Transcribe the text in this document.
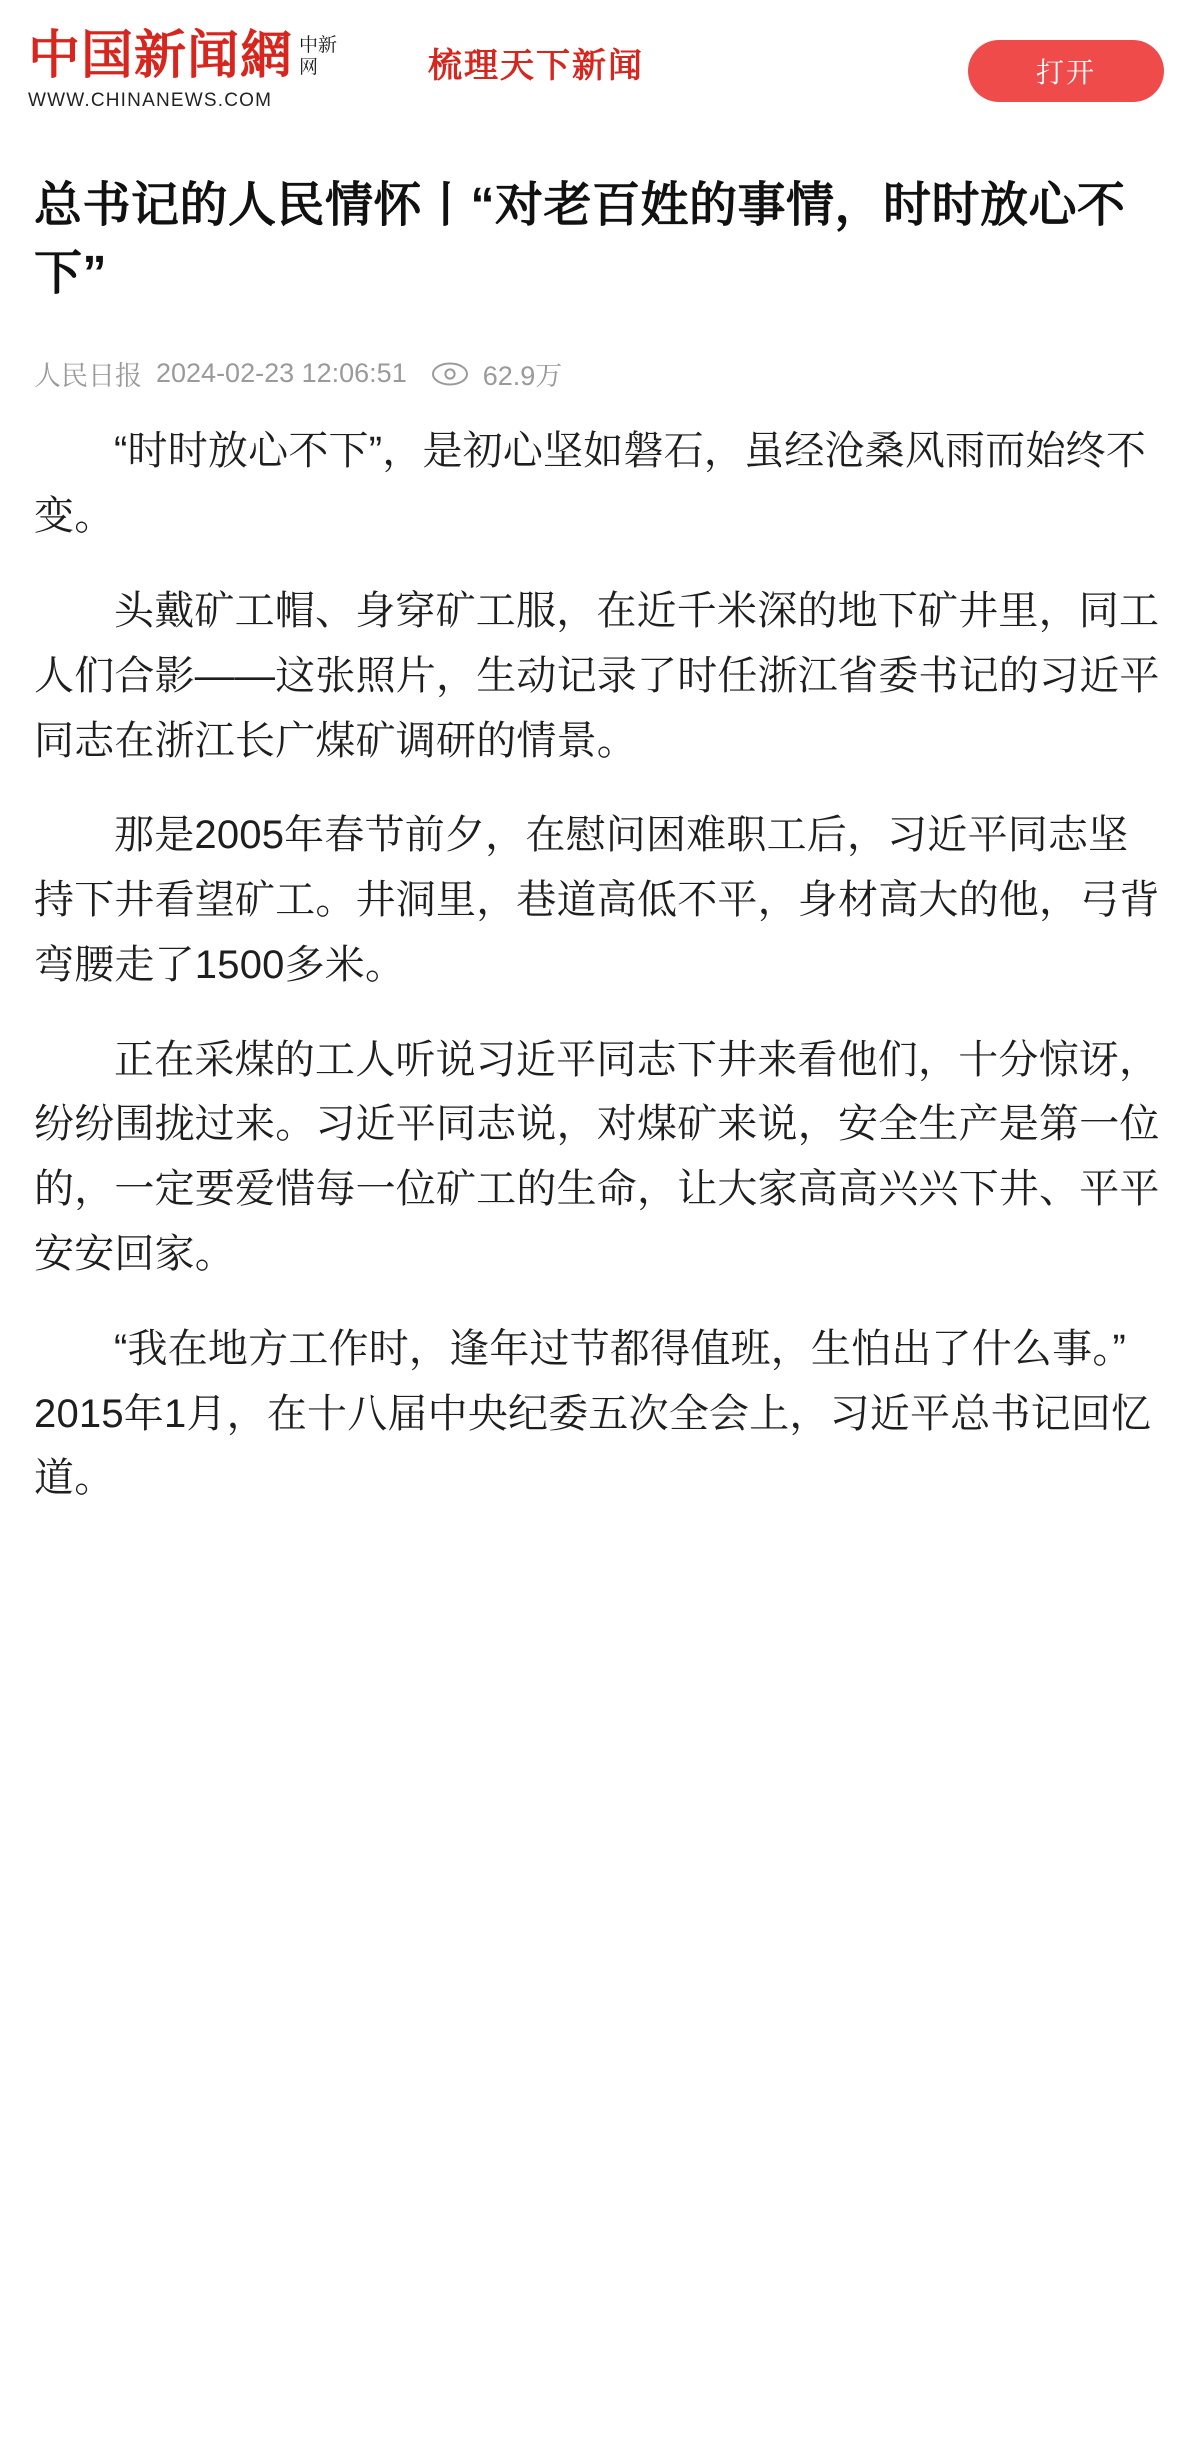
中国新闻網 中新
网
WWW.CHINANEWS.COM
梳理天下新闻	打开
总书记的人民情怀丨“对老百姓的事情，时时放心不下”
人民日报 2024-02-23 12:06:51	62.9万

“时时放心不下”，是初心坚如磐石，虽经沧桑风雨而始终不变。

头戴矿工帽、身穿矿工服，在近千米深的地下矿井里，同工人们合影——这张照片，生动记录了时任浙江省委书记的习近平同志在浙江长广煤矿调研的情景。

那是2005年春节前夕，在慰问困难职工后，习近平同志坚持下井看望矿工。井洞里，巷道高低不平，身材高大的他，弓背弯腰走了1500多米。

正在采煤的工人听说习近平同志下井来看他们，十分惊讶，纷纷围拢过来。习近平同志说，对煤矿来说，安全生产是第一位的，一定要爱惜每一位矿工的生命，让大家高高兴兴下井、平平安安回家。

“我在地方工作时，逢年过节都得值班，生怕出了什么事。”2015年1月，在十八届中央纪委五次全会上，习近平总书记回忆道。
